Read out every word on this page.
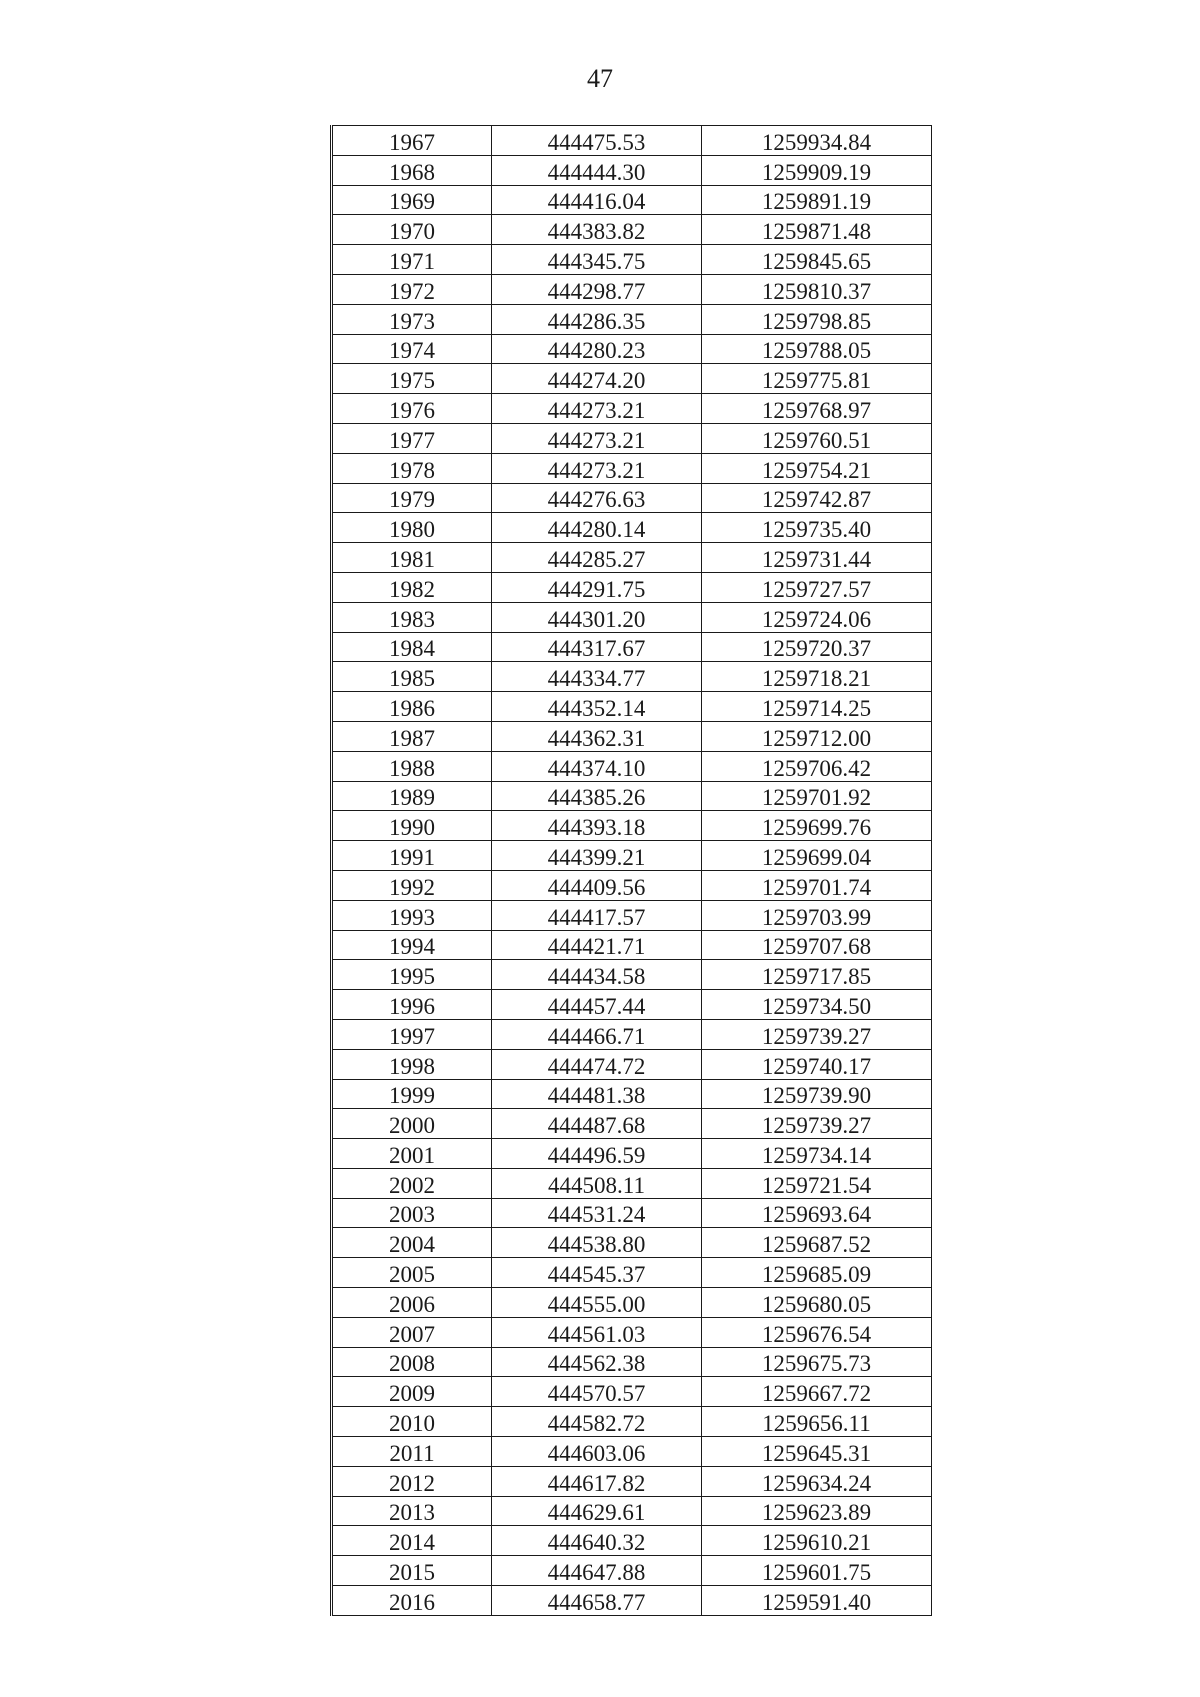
47
1967	444475.53	1259934.84
1968	444444.30	1259909.19
1969	444416.04	1259891.19
1970	444383.82	1259871.48
1971	444345.75	1259845.65
1972	444298.77	1259810.37
1973	444286.35	1259798.85
1974	444280.23	1259788.05
1975	444274.20	1259775.81
1976	444273.21	1259768.97
1977	444273.21	1259760.51
1978	444273.21	1259754.21
1979	444276.63	1259742.87
1980	444280.14	1259735.40
1981	444285.27	1259731.44
1982	444291.75	1259727.57
1983	444301.20	1259724.06
1984	444317.67	1259720.37
1985	444334.77	1259718.21
1986	444352.14	1259714.25
1987	444362.31	1259712.00
1988	444374.10	1259706.42
1989	444385.26	1259701.92
1990	444393.18	1259699.76
1991	444399.21	1259699.04
1992	444409.56	1259701.74
1993	444417.57	1259703.99
1994	444421.71	1259707.68
1995	444434.58	1259717.85
1996	444457.44	1259734.50
1997	444466.71	1259739.27
1998	444474.72	1259740.17
1999	444481.38	1259739.90
2000	444487.68	1259739.27
2001	444496.59	1259734.14
2002	444508.11	1259721.54
2003	444531.24	1259693.64
2004	444538.80	1259687.52
2005	444545.37	1259685.09
2006	444555.00	1259680.05
2007	444561.03	1259676.54
2008	444562.38	1259675.73
2009	444570.57	1259667.72
2010	444582.72	1259656.11
2011	444603.06	1259645.31
2012	444617.82	1259634.24
2013	444629.61	1259623.89
2014	444640.32	1259610.21
2015	444647.88	1259601.75
2016	444658.77	1259591.40
